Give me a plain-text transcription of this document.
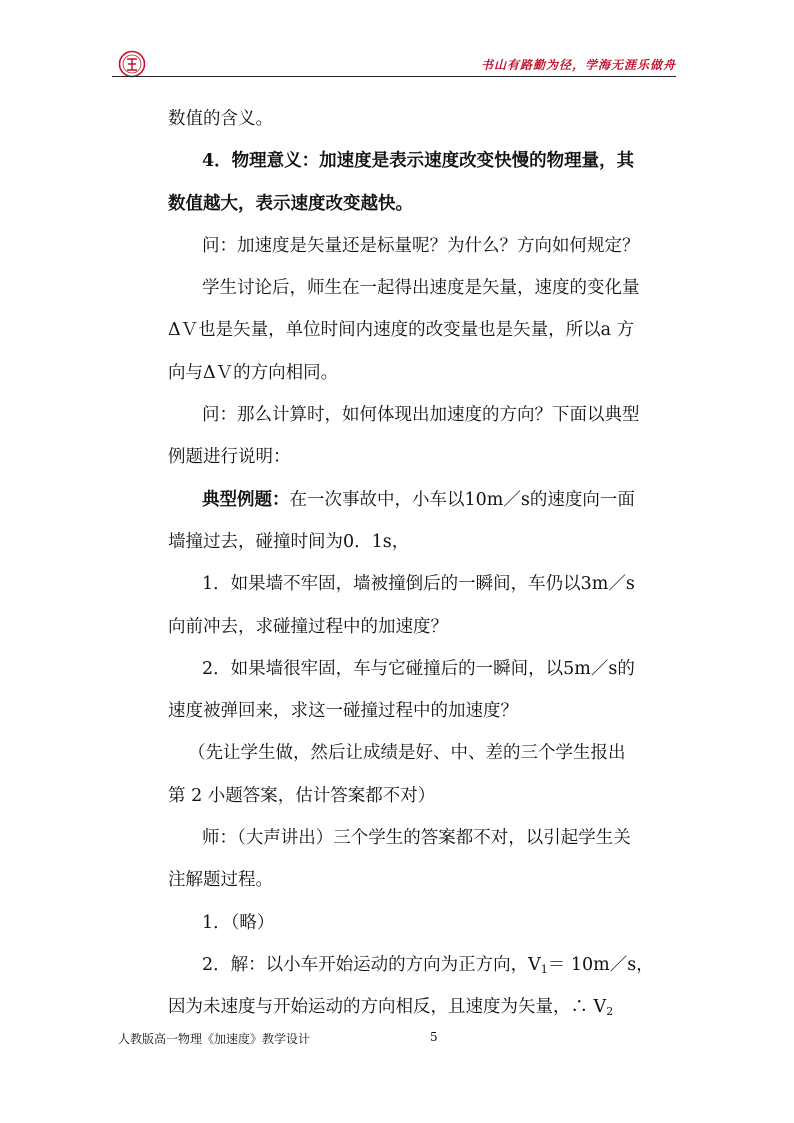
书山有路勤为径，学海无涯乐做舟
数值的含义。
4．物理意义：加速度是表示速度改变快慢的物理量，其
数值越大，表示速度改变越快。
问：加速度是矢量还是标量呢？为什么？方向如何规定？
学生讨论后，师生在一起得出速度是矢量，速度的变化量
ΔＶ也是矢量，单位时间内速度的改变量也是矢量，所以a 方
向与ΔＶ的方向相同。
问：那么计算时，如何体现出加速度的方向？下面以典型
例题进行说明：
典型例题：在一次事故中，小车以10m／s的速度向一面
墙撞过去，碰撞时间为0．1s，
1．如果墙不牢固，墙被撞倒后的一瞬间，车仍以3m／s
向前冲去，求碰撞过程中的加速度？
2．如果墙很牢固，车与它碰撞后的一瞬间，以5m／s的
速度被弹回来，求这一碰撞过程中的加速度？
（先让学生做，然后让成绩是好、中、差的三个学生报出
第 2 小题答案，估计答案都不对）
师：（大声讲出）三个学生的答案都不对，以引起学生关
注解题过程。
1．（略）
2．解：以小车开始运动的方向为正方向，$V_1=$ 10m／s，
因为未速度与开始运动的方向相反，且速度为矢量，∴ $V_2$
人教版高一物理《加速度》教学设计	5
